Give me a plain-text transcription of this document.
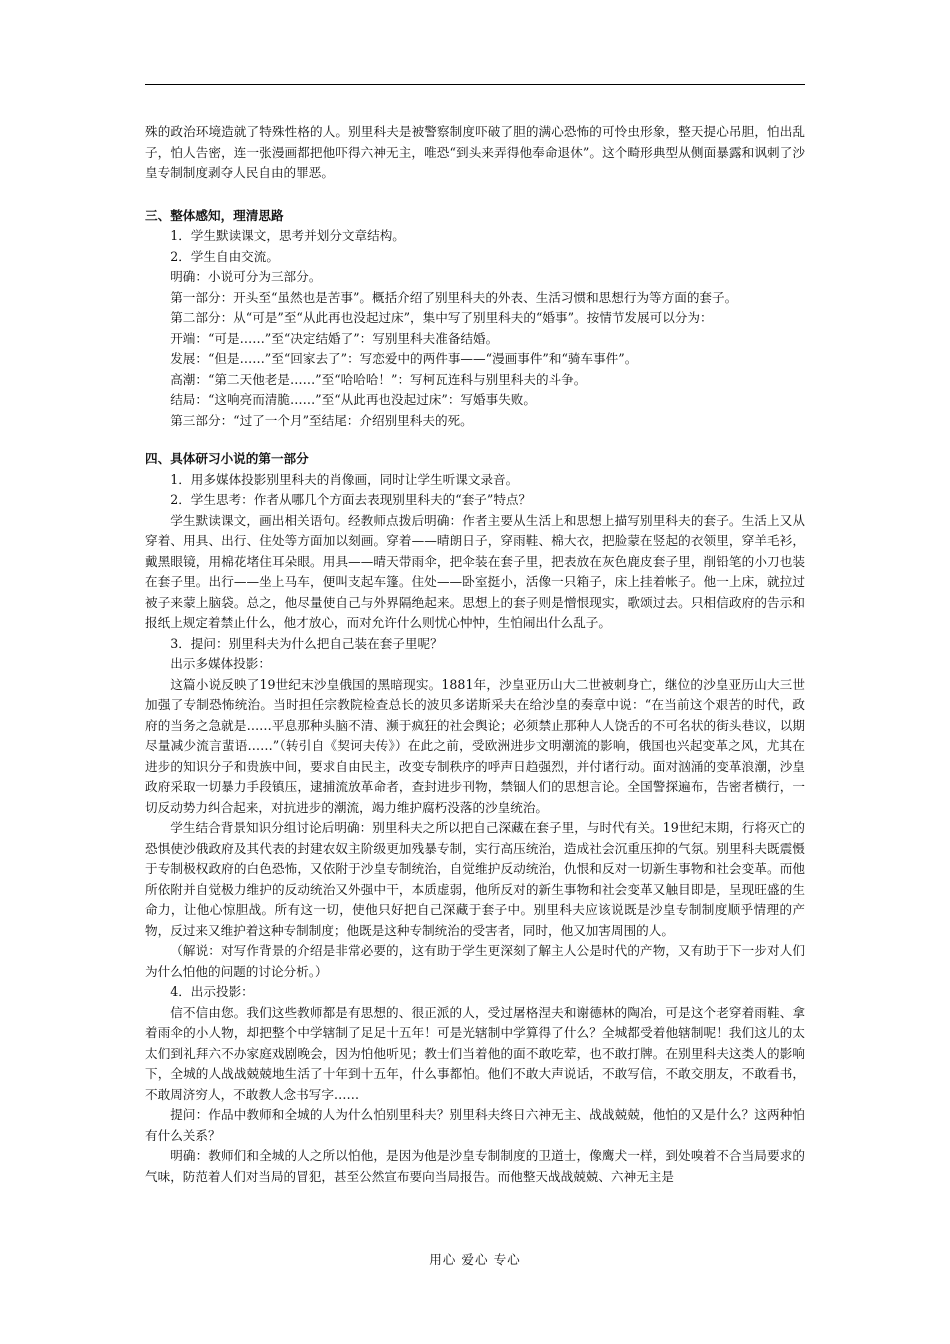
殊的政治环境造就了特殊性格的人。别里科夫是被警察制度吓破了胆的满心恐怖的可怜虫形象，整天提心吊胆，怕出乱子，怕人告密，连一张漫画都把他吓得六神无主，唯恐“到头来弄得他奉命退休”。这个畸形典型从侧面暴露和讽刺了沙皇专制制度剥夺人民自由的罪恶。

三、整体感知，理清思路

1．学生默读课文，思考并划分文章结构。

2．学生自由交流。

明确：小说可分为三部分。

第一部分：开头至“虽然也是苦事”。概括介绍了别里科夫的外表、生活习惯和思想行为等方面的套子。

第二部分：从“可是”至“从此再也没起过床”，集中写了别里科夫的“婚事”。按情节发展可以分为：

开端：“可是……”至“决定结婚了”：写别里科夫准备结婚。

发展：“但是……”至“回家去了”：写恋爱中的两件事——“漫画事件”和“骑车事件”。

高潮：“第二天他老是……”至“哈哈哈！”：写柯瓦连科与别里科夫的斗争。

结局：“这响亮而清脆……”至“从此再也没起过床”：写婚事失败。

第三部分：“过了一个月”至结尾：介绍别里科夫的死。

四、具体研习小说的第一部分

1．用多媒体投影别里科夫的肖像画，同时让学生听课文录音。

2．学生思考：作者从哪几个方面去表现别里科夫的“套子”特点？

学生默读课文，画出相关语句。经教师点拨后明确：作者主要从生活上和思想上描写别里科夫的套子。生活上又从穿着、用具、出行、住处等方面加以刻画。穿着——晴朗日子，穿雨鞋、棉大衣，把脸蒙在竖起的衣领里，穿羊毛衫，戴黑眼镜，用棉花堵住耳朵眼。用具——晴天带雨伞，把伞装在套子里，把表放在灰色鹿皮套子里，削铅笔的小刀也装在套子里。出行——坐上马车，便叫支起车篷。住处——卧室挺小，活像一只箱子，床上挂着帐子。他一上床，就拉过被子来蒙上脑袋。总之，他尽量使自己与外界隔绝起来。思想上的套子则是憎恨现实，歌颂过去。只相信政府的告示和报纸上规定着禁止什么，他才放心，而对允许什么则忧心忡忡，生怕闹出什么乱子。

3．提问：别里科夫为什么把自己装在套子里呢？

出示多媒体投影：

这篇小说反映了19世纪末沙皇俄国的黑暗现实。1881年，沙皇亚历山大二世被刺身亡，继位的沙皇亚历山大三世加强了专制恐怖统治。当时担任宗教院检查总长的波贝多诺斯采夫在给沙皇的奏章中说：“在当前这个艰苦的时代，政府的当务之急就是……平息那种头脑不清、濒于疯狂的社会舆论；必须禁止那种人人饶舌的不可名状的街头巷议，以期尽量减少流言蜚语……”（转引自《契诃夫传》）在此之前，受欧洲进步文明潮流的影响，俄国也兴起变革之风，尤其在进步的知识分子和贵族中间，要求自由民主，改变专制秩序的呼声日趋强烈，并付诸行动。面对汹涌的变革浪潮，沙皇政府采取一切暴力手段镇压，逮捕流放革命者，查封进步刊物，禁锢人们的思想言论。全国警探遍布，告密者横行，一切反动势力纠合起来，对抗进步的潮流，竭力维护腐朽没落的沙皇统治。

学生结合背景知识分组讨论后明确：别里科夫之所以把自己深藏在套子里，与时代有关。19世纪末期，行将灭亡的恐惧使沙俄政府及其代表的封建农奴主阶级更加残暴专制，实行高压统治，造成社会沉重压抑的气氛。别里科夫既震慑于专制极权政府的白色恐怖，又依附于沙皇专制统治，自觉维护反动统治，仇恨和反对一切新生事物和社会变革。而他所依附并自觉极力维护的反动统治又外强中干，本质虚弱，他所反对的新生事物和社会变革又触目即是，呈现旺盛的生命力，让他心惊胆战。所有这一切，使他只好把自己深藏于套子中。别里科夫应该说既是沙皇专制制度顺乎情理的产物，反过来又维护着这种专制制度；他既是这种专制统治的受害者，同时，他又加害周围的人。

（解说：对写作背景的介绍是非常必要的，这有助于学生更深刻了解主人公是时代的产物，又有助于下一步对人们为什么怕他的问题的讨论分析。）

4．出示投影：

信不信由您。我们这些教师都是有思想的、很正派的人，受过屠格涅夫和谢德林的陶冶，可是这个老穿着雨鞋、拿着雨伞的小人物，却把整个中学辖制了足足十五年！可是光辖制中学算得了什么？全城都受着他辖制呢！我们这儿的太太们到礼拜六不办家庭戏剧晚会，因为怕他听见；教士们当着他的面不敢吃荤，也不敢打牌。在别里科夫这类人的影响下，全城的人战战兢兢地生活了十年到十五年，什么事都怕。他们不敢大声说话，不敢写信，不敢交朋友，不敢看书，不敢周济穷人，不敢教人念书写字……

提问：作品中教师和全城的人为什么怕别里科夫？别里科夫终日六神无主、战战兢兢，他怕的又是什么？这两种怕有什么关系？

明确：教师们和全城的人之所以怕他，是因为他是沙皇专制制度的卫道士，像鹰犬一样，到处嗅着不合当局要求的气味，防范着人们对当局的冒犯，甚至公然宣布要向当局报告。而他整天战战兢兢、六神无主是

用心 爱心 专心
